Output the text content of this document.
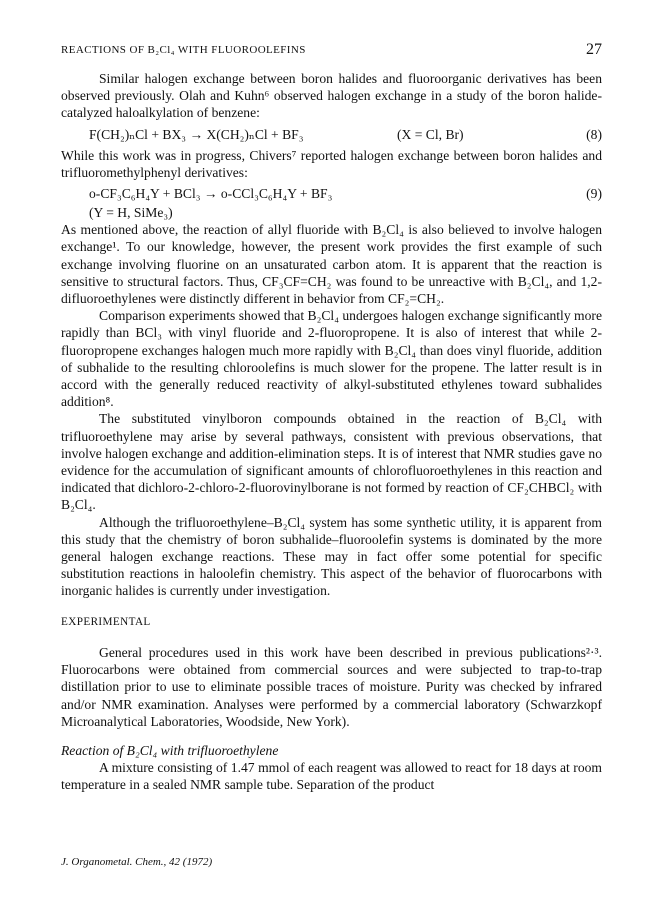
REACTIONS OF B₂Cl₄ WITH FLUOROOLEFINS	27

Similar halogen exchange between boron halides and fluoroorganic derivatives has been observed previously. Olah and Kuhn⁶ observed halogen exchange in a study of the boron halide-catalyzed haloalkylation of benzene:

F(CH₂)ₙCl + BX₃ → X(CH₂)ₙCl + BF₃	(X = Cl, Br)	(8)

While this work was in progress, Chivers⁷ reported halogen exchange between boron halides and trifluoromethylphenyl derivatives:

o-CF₃C₆H₄Y + BCl₃ → o-CCl₃C₆H₄Y + BF₃	(9)

(Y = H, SiMe₃)

As mentioned above, the reaction of allyl fluoride with B₂Cl₄ is also believed to involve halogen exchange¹. To our knowledge, however, the present work provides the first example of such exchange involving fluorine on an unsaturated carbon atom. It is apparent that the reaction is sensitive to structural factors. Thus, CF₃CF=CH₂ was found to be unreactive with B₂Cl₄, and 1,2-difluoroethylenes were distinctly different in behavior from CF₂=CH₂.

Comparison experiments showed that B₂Cl₄ undergoes halogen exchange significantly more rapidly than BCl₃ with vinyl fluoride and 2-fluoropropene. It is also of interest that while 2-fluoropropene exchanges halogen much more rapidly with B₂Cl₄ than does vinyl fluoride, addition of subhalide to the resulting chloroolefins is much slower for the propene. The latter result is in accord with the generally reduced reactivity of alkyl-substituted ethylenes toward subhalides addition⁸.

The substituted vinylboron compounds obtained in the reaction of B₂Cl₄ with trifluoroethylene may arise by several pathways, consistent with previous observations, that involve halogen exchange and addition-elimination steps. It is of interest that NMR studies gave no evidence for the accumulation of significant amounts of chlorofluoroethylenes in this reaction and indicated that dichloro-2-chloro-2-fluorovinylborane is not formed by reaction of CF₂CHBCl₂ with B₂Cl₄.

Although the trifluoroethylene–B₂Cl₄ system has some synthetic utility, it is apparent from this study that the chemistry of boron subhalide–fluoroolefin systems is dominated by the more general halogen exchange reactions. These may in fact offer some potential for specific substitution reactions in haloolefin chemistry. This aspect of the behavior of fluorocarbons with inorganic halides is currently under investigation.

EXPERIMENTAL

General procedures used in this work have been described in previous publications²·³. Fluorocarbons were obtained from commercial sources and were subjected to trap-to-trap distillation prior to use to eliminate possible traces of moisture. Purity was checked by infrared and/or NMR examination. Analyses were performed by a commercial laboratory (Schwarzkopf Microanalytical Laboratories, Woodside, New York).

Reaction of B₂Cl₄ with trifluoroethylene

A mixture consisting of 1.47 mmol of each reagent was allowed to react for 18 days at room temperature in a sealed NMR sample tube. Separation of the product

J. Organometal. Chem., 42 (1972)
